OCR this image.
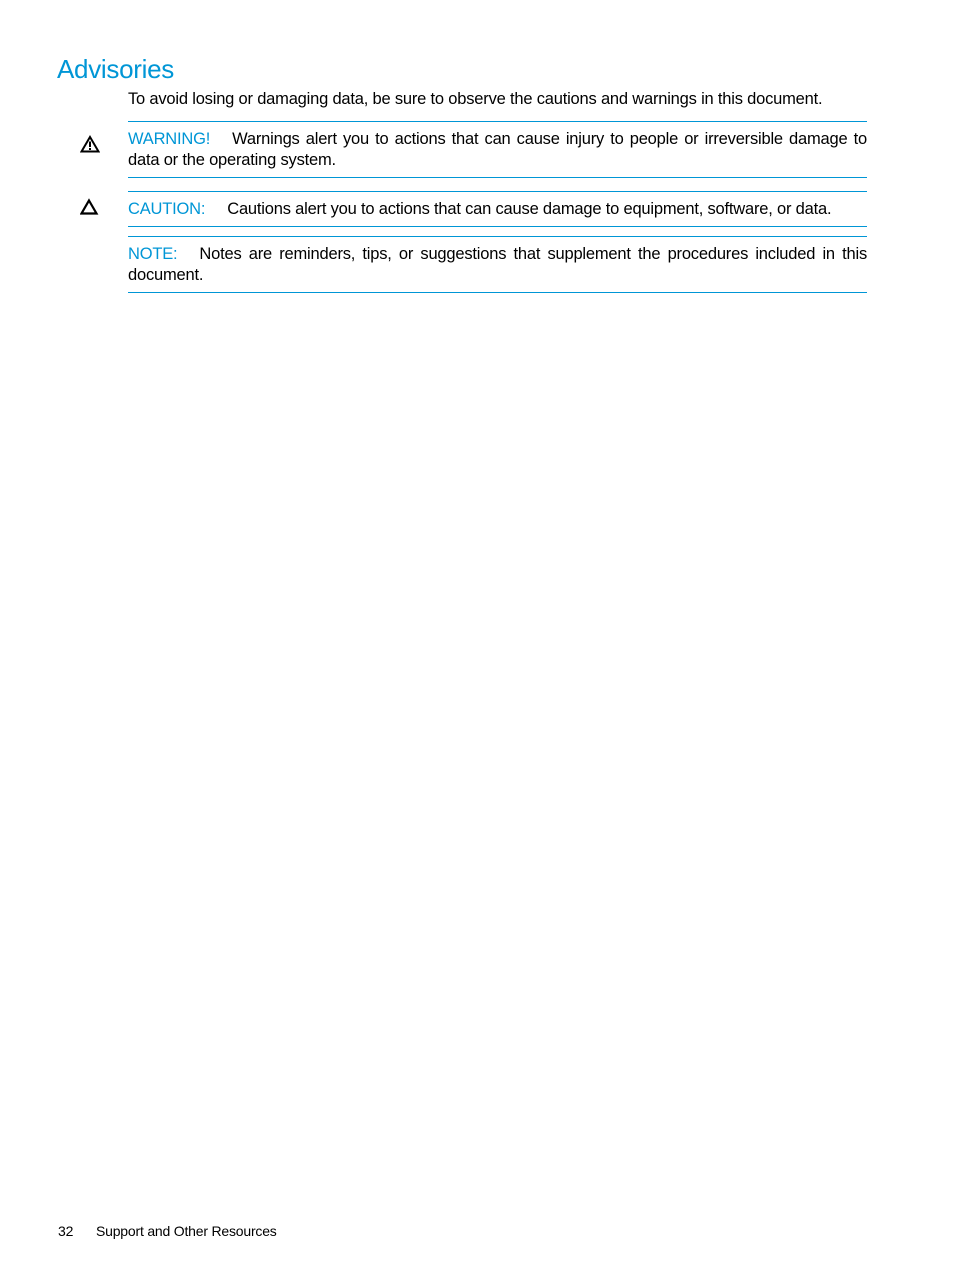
Advisories

To avoid losing or damaging data, be sure to observe the cautions and warnings in this document.

WARNING! Warnings alert you to actions that can cause injury to people or irreversible damage to data or the operating system.
CAUTION: Cautions alert you to actions that can cause damage to equipment, software, or data.
NOTE: Notes are reminders, tips, or suggestions that supplement the procedures included in this document.
32 Support and Other Resources
